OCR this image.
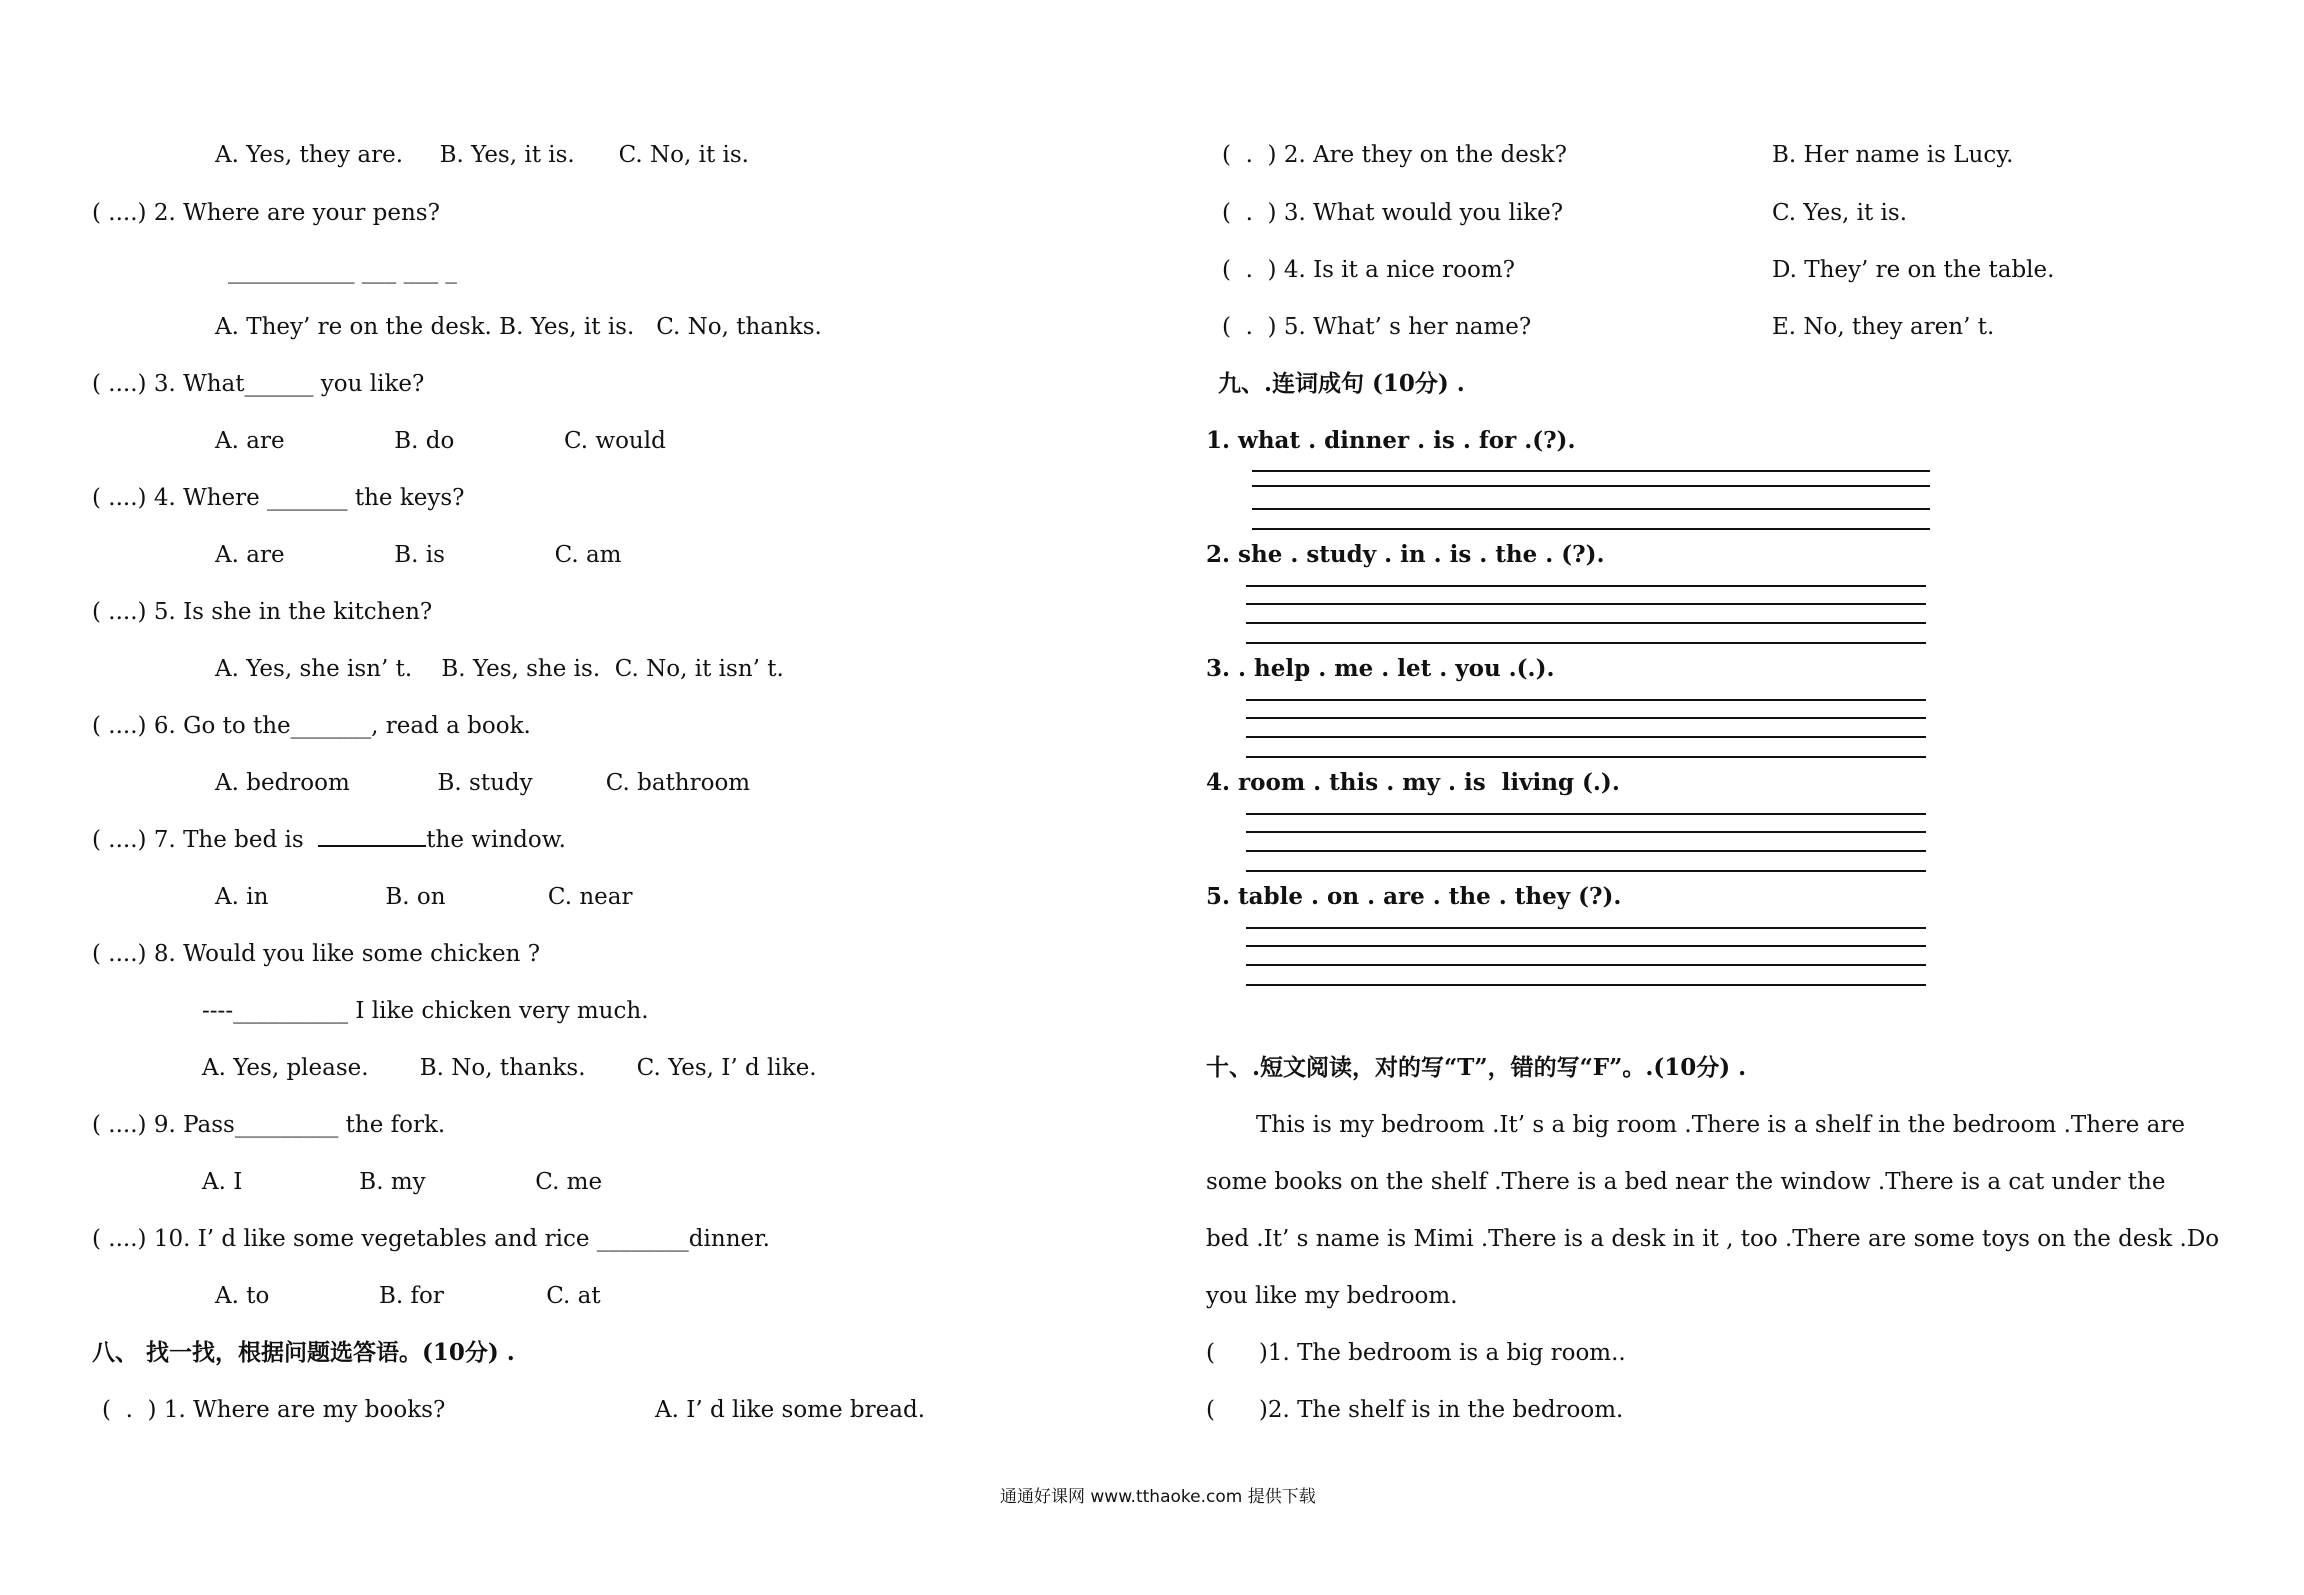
A. Yes, they are.     B. Yes, it is.      C. No, it is.
( ....) 2. Where are your pens?
___________ ___ ___ _
A. They’ re on the desk. B. Yes, it is.   C. No, thanks.
( ....) 3. What______ you like?
A. are               B. do               C. would
( ....) 4. Where _______ the keys?
A. are               B. is               C. am
( ....) 5. Is she in the kitchen?
A. Yes, she isn’ t.    B. Yes, she is.  C. No, it isn’ t.
( ....) 6. Go to the_______, read a book.
A. bedroom            B. study          C. bathroom
( ....) 7. The bed is	the window.
A. in                B. on              C. near
( ....) 8. Would you like some chicken ?
----__________ I like chicken very much.
A. Yes, please.       B. No, thanks.       C. Yes, I’ d like.
( ....) 9. Pass_________ the fork.
A. I                B. my               C. me
( ....) 10. I’ d like some vegetables and rice ________dinner.
A. to               B. for              C. at
八、 找一找，根据问题选答语。(10分) .
(  .  ) 1. Where are my books?	A. I’ d like some bread.
(  .  ) 2. Are they on the desk?	B. Her name is Lucy.
(  .  ) 3. What would you like?	C. Yes, it is.
(  .  ) 4. Is it a nice room?	D. They’ re on the table.
(  .  ) 5. What’ s her name?	E. No, they aren’ t.
九、.连词成句 (10分) .
1. what . dinner . is . for .(?).
2. she . study . in . is . the . (?).
3. . help . me . let . you .(.).
4. room . this . my . is  living (.).
5. table . on . are . the . they (?).
十、.短文阅读，对的写“T”，错的写“F”。.(10分) .
This is my bedroom .It’ s a big room .There is a shelf in the bedroom .There are
some books on the shelf .There is a bed near the window .There is a cat under the
bed .It’ s name is Mimi .There is a desk in it , too .There are some toys on the desk .Do
you like my bedroom.
(      )1. The bedroom is a big room..
(      )2. The shelf is in the bedroom.
通通好课网 www.tthaoke.com 提供下载
